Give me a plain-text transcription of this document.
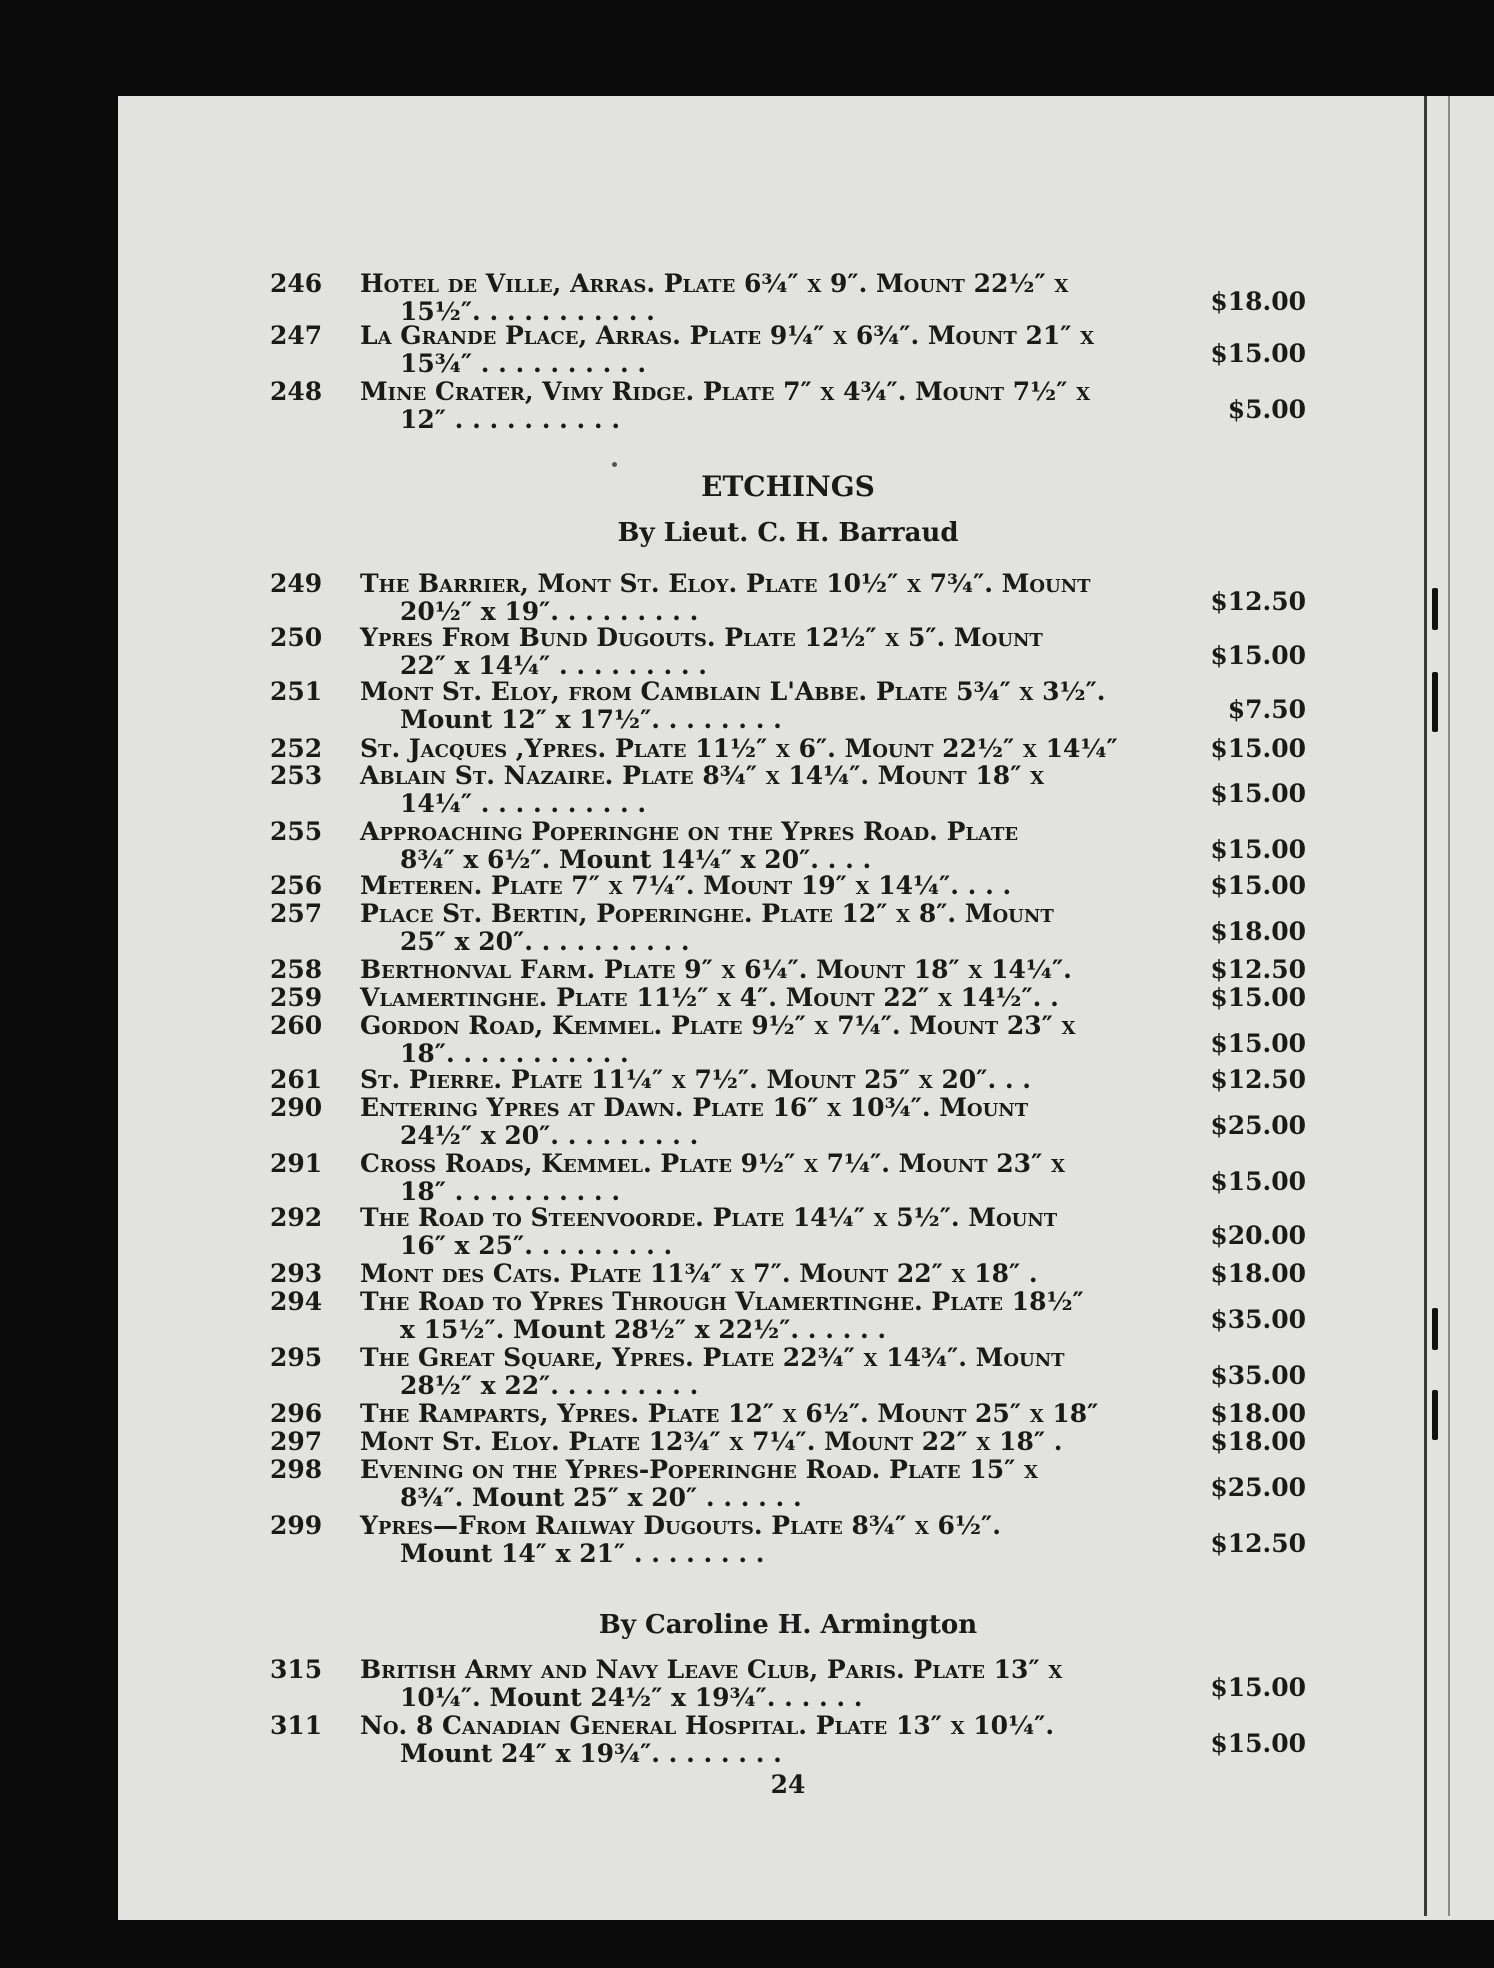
246	Hotel de Ville, Arras. Plate 6¾″ x 9″. Mount 22½″ x
15½″. . . . . . . . . . .	$18.00
247	La Grande Place, Arras. Plate 9¼″ x 6¾″. Mount 21″ x
15¾″ . . . . . . . . . .	$15.00
248	Mine Crater, Vimy Ridge. Plate 7″ x 4¾″. Mount 7½″ x
12″ . . . . . . . . . .	$5.00
ETCHINGS
By Lieut. C. H. Barraud
249	The Barrier, Mont St. Eloy. Plate 10½″ x 7¾″. Mount
20½″ x 19″. . . . . . . . .	$12.50
250	Ypres From Bund Dugouts. Plate 12½″ x 5″. Mount
22″ x 14¼″ . . . . . . . . .	$15.00
251	Mont St. Eloy, from Camblain L'Abbe. Plate 5¾″ x 3½″.
Mount 12″ x 17½″. . . . . . . .	$7.50
252	St. Jacques ,Ypres. Plate 11½″ x 6″. Mount 22½″ x 14¼″	$15.00
253	Ablain St. Nazaire. Plate 8¾″ x 14¼″. Mount 18″ x
14¼″ . . . . . . . . . .	$15.00
255	Approaching Poperinghe on the Ypres Road. Plate
8¾″ x 6½″. Mount 14¼″ x 20″. . . .	$15.00
256	Meteren. Plate 7″ x 7¼″. Mount 19″ x 14¼″. . . .	$15.00
257	Place St. Bertin, Poperinghe. Plate 12″ x 8″. Mount
25″ x 20″. . . . . . . . . .	$18.00
258	Berthonval Farm. Plate 9″ x 6¼″. Mount 18″ x 14¼″.	$12.50
259	Vlamertinghe. Plate 11½″ x 4″. Mount 22″ x 14½″. .	$15.00
260	Gordon Road, Kemmel. Plate 9½″ x 7¼″. Mount 23″ x
18″. . . . . . . . . . .	$15.00
261	St. Pierre. Plate 11¼″ x 7½″. Mount 25″ x 20″. . .	$12.50
290	Entering Ypres at Dawn. Plate 16″ x 10¾″. Mount
24½″ x 20″. . . . . . . . .	$25.00
291	Cross Roads, Kemmel. Plate 9½″ x 7¼″. Mount 23″ x
18″ . . . . . . . . . .	$15.00
292	The Road to Steenvoorde. Plate 14¼″ x 5½″. Mount
16″ x 25″. . . . . . . . .	$20.00
293	Mont des Cats. Plate 11¾″ x 7″. Mount 22″ x 18″ .	$18.00
294	The Road to Ypres Through Vlamertinghe. Plate 18½″
x 15½″. Mount 28½″ x 22½″. . . . . .	$35.00
295	The Great Square, Ypres. Plate 22¾″ x 14¾″. Mount
28½″ x 22″. . . . . . . . .	$35.00
296	The Ramparts, Ypres. Plate 12″ x 6½″. Mount 25″ x 18″	$18.00
297	Mont St. Eloy. Plate 12¾″ x 7¼″. Mount 22″ x 18″ .	$18.00
298	Evening on the Ypres-Poperinghe Road. Plate 15″ x
8¾″. Mount 25″ x 20″ . . . . . .	$25.00
299	Ypres—From Railway Dugouts. Plate 8¾″ x 6½″.
Mount 14″ x 21″ . . . . . . . .	$12.50
By Caroline H. Armington
315	British Army and Navy Leave Club, Paris. Plate 13″ x
10¼″. Mount 24½″ x 19¾″. . . . . .	$15.00
311	No. 8 Canadian General Hospital. Plate 13″ x 10¼″.
Mount 24″ x 19¾″. . . . . . . .	$15.00
24
